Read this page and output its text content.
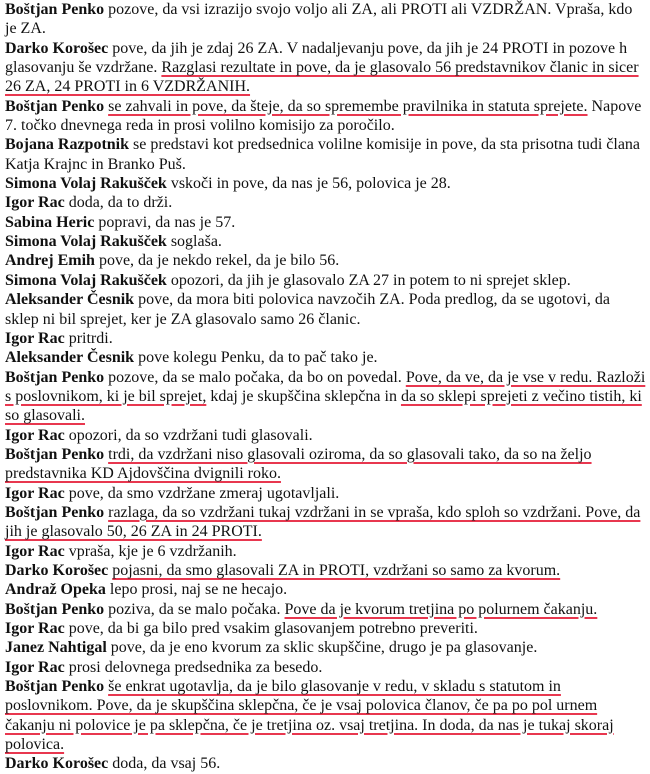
Boštjan Penko pozove, da vsi izrazijo svojo voljo ali ZA, ali PROTI ali VZDRŽAN. Vpraša, kdo je ZA.

Darko Korošec pove, da jih je zdaj 26 ZA. V nadaljevanju pove, da jih je 24 PROTI in pozove h glasovanju še vzdržane. Razglasi rezultate in pove, da je glasovalo 56 predstavnikov članic in sicer 26 ZA, 24 PROTI in 6 VZDRŽANIH.

Boštjan Penko se zahvali in pove, da šteje, da so spremembe pravilnika in statuta sprejete. Napove 7. točko dnevnega reda in prosi volilno komisijo za poročilo.

Bojana Razpotnik se predstavi kot predsednica volilne komisije in pove, da sta prisotna tudi člana Katja Krajnc in Branko Puš.

Simona Volaj Rakušček vskoči in pove, da nas je 56, polovica je 28.

Igor Rac doda, da to drži.

Sabina Heric popravi, da nas je 57.

Simona Volaj Rakušček soglaša.

Andrej Emih pove, da je nekdo rekel, da je bilo 56.

Simona Volaj Rakušček opozori, da jih je glasovalo ZA 27 in potem to ni sprejet sklep.

Aleksander Česnik pove, da mora biti polovica navzočih ZA. Poda predlog, da se ugotovi, da sklep ni bil sprejet, ker je ZA glasovalo samo 26 članic.

Igor Rac pritrdi.

Aleksander Česnik pove kolegu Penku, da to pač tako je.

Boštjan Penko pozove, da se malo počaka, da bo on povedal. Pove, da ve, da je vse v redu. Razloži s poslovnikom, ki je bil sprejet, kdaj je skupščina sklepčna in da so sklepi sprejeti z večino tistih, ki so glasovali.

Igor Rac opozori, da so vzdržani tudi glasovali.

Boštjan Penko trdi, da vzdržani niso glasovali oziroma, da so glasovali tako, da so na željo predstavnika KD Ajdovščina dvignili roko.

Igor Rac pove, da smo vzdržane zmeraj ugotavljali.

Boštjan Penko razlaga, da so vzdržani tukaj vzdržani in se vpraša, kdo sploh so vzdržani. Pove, da jih je glasovalo 50, 26 ZA in 24 PROTI.

Igor Rac vpraša, kje je 6 vzdržanih.

Darko Korošec pojasni, da smo glasovali ZA in PROTI, vzdržani so samo za kvorum.

Andraž Opeka lepo prosi, naj se ne hecajo.

Boštjan Penko poziva, da se malo počaka. Pove da je kvorum tretjina po polurnem čakanju.

Igor Rac pove, da bi ga bilo pred vsakim glasovanjem potrebno preveriti.

Janez Nahtigal pove, da je eno kvorum za sklic skupščine, drugo je pa glasovanje.

Igor Rac prosi delovnega predsednika za besedo.

Boštjan Penko še enkrat ugotavlja, da je bilo glasovanje v redu, v skladu s statutom in poslovnikom. Pove, da je skupščina sklepčna, če je vsaj polovica članov, če pa po pol urnem čakanju ni polovice je pa sklepčna, če je tretjina oz. vsaj tretjina. In doda, da nas je tukaj skoraj polovica.

Darko Korošec doda, da vsaj 56.
